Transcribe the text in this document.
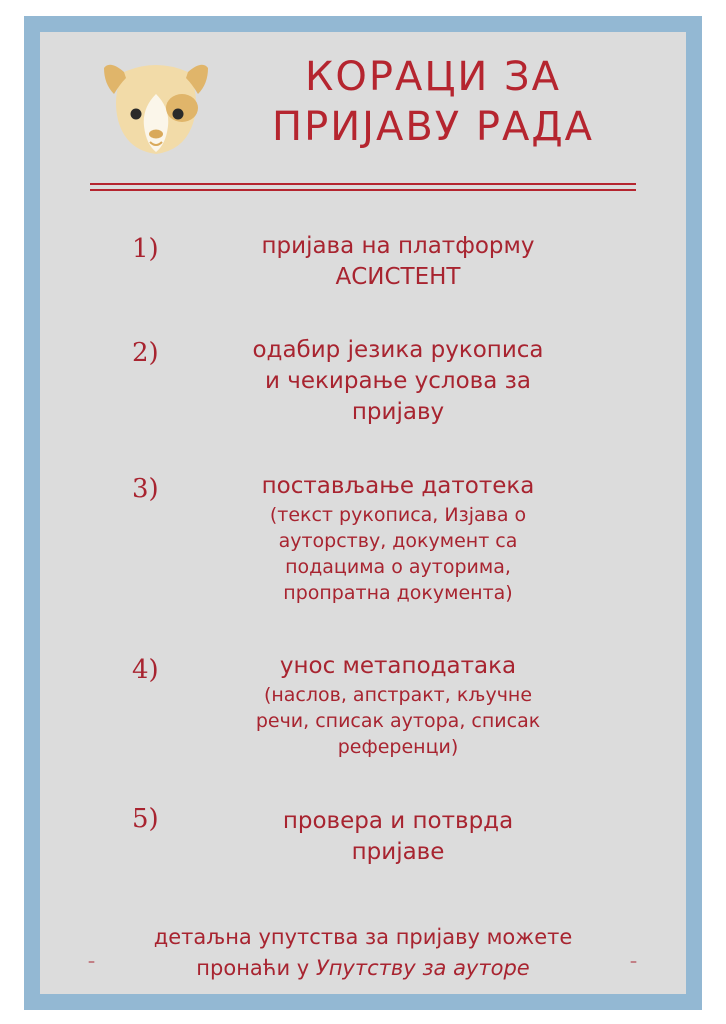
КОРАЦИ ЗА
ПРИЈАВУ РАДА
1)	пријава на платформу
АСИСТЕНТ
2)	одабир језика рукописа
и чекирање услова за
пријаву
3)	постављање датотека
(текст рукописа, Изјава о
ауторству, документ са
подацима о ауторима,
пропратна документа)
4)	унос метаподатака
(наслов, апстракт, кључне
речи, списак аутора, списак
референци)
5)	провера и потврда
пријаве
–	–
детаљна упутства за пријаву можете
пронаћи у Упутству за ауторе
